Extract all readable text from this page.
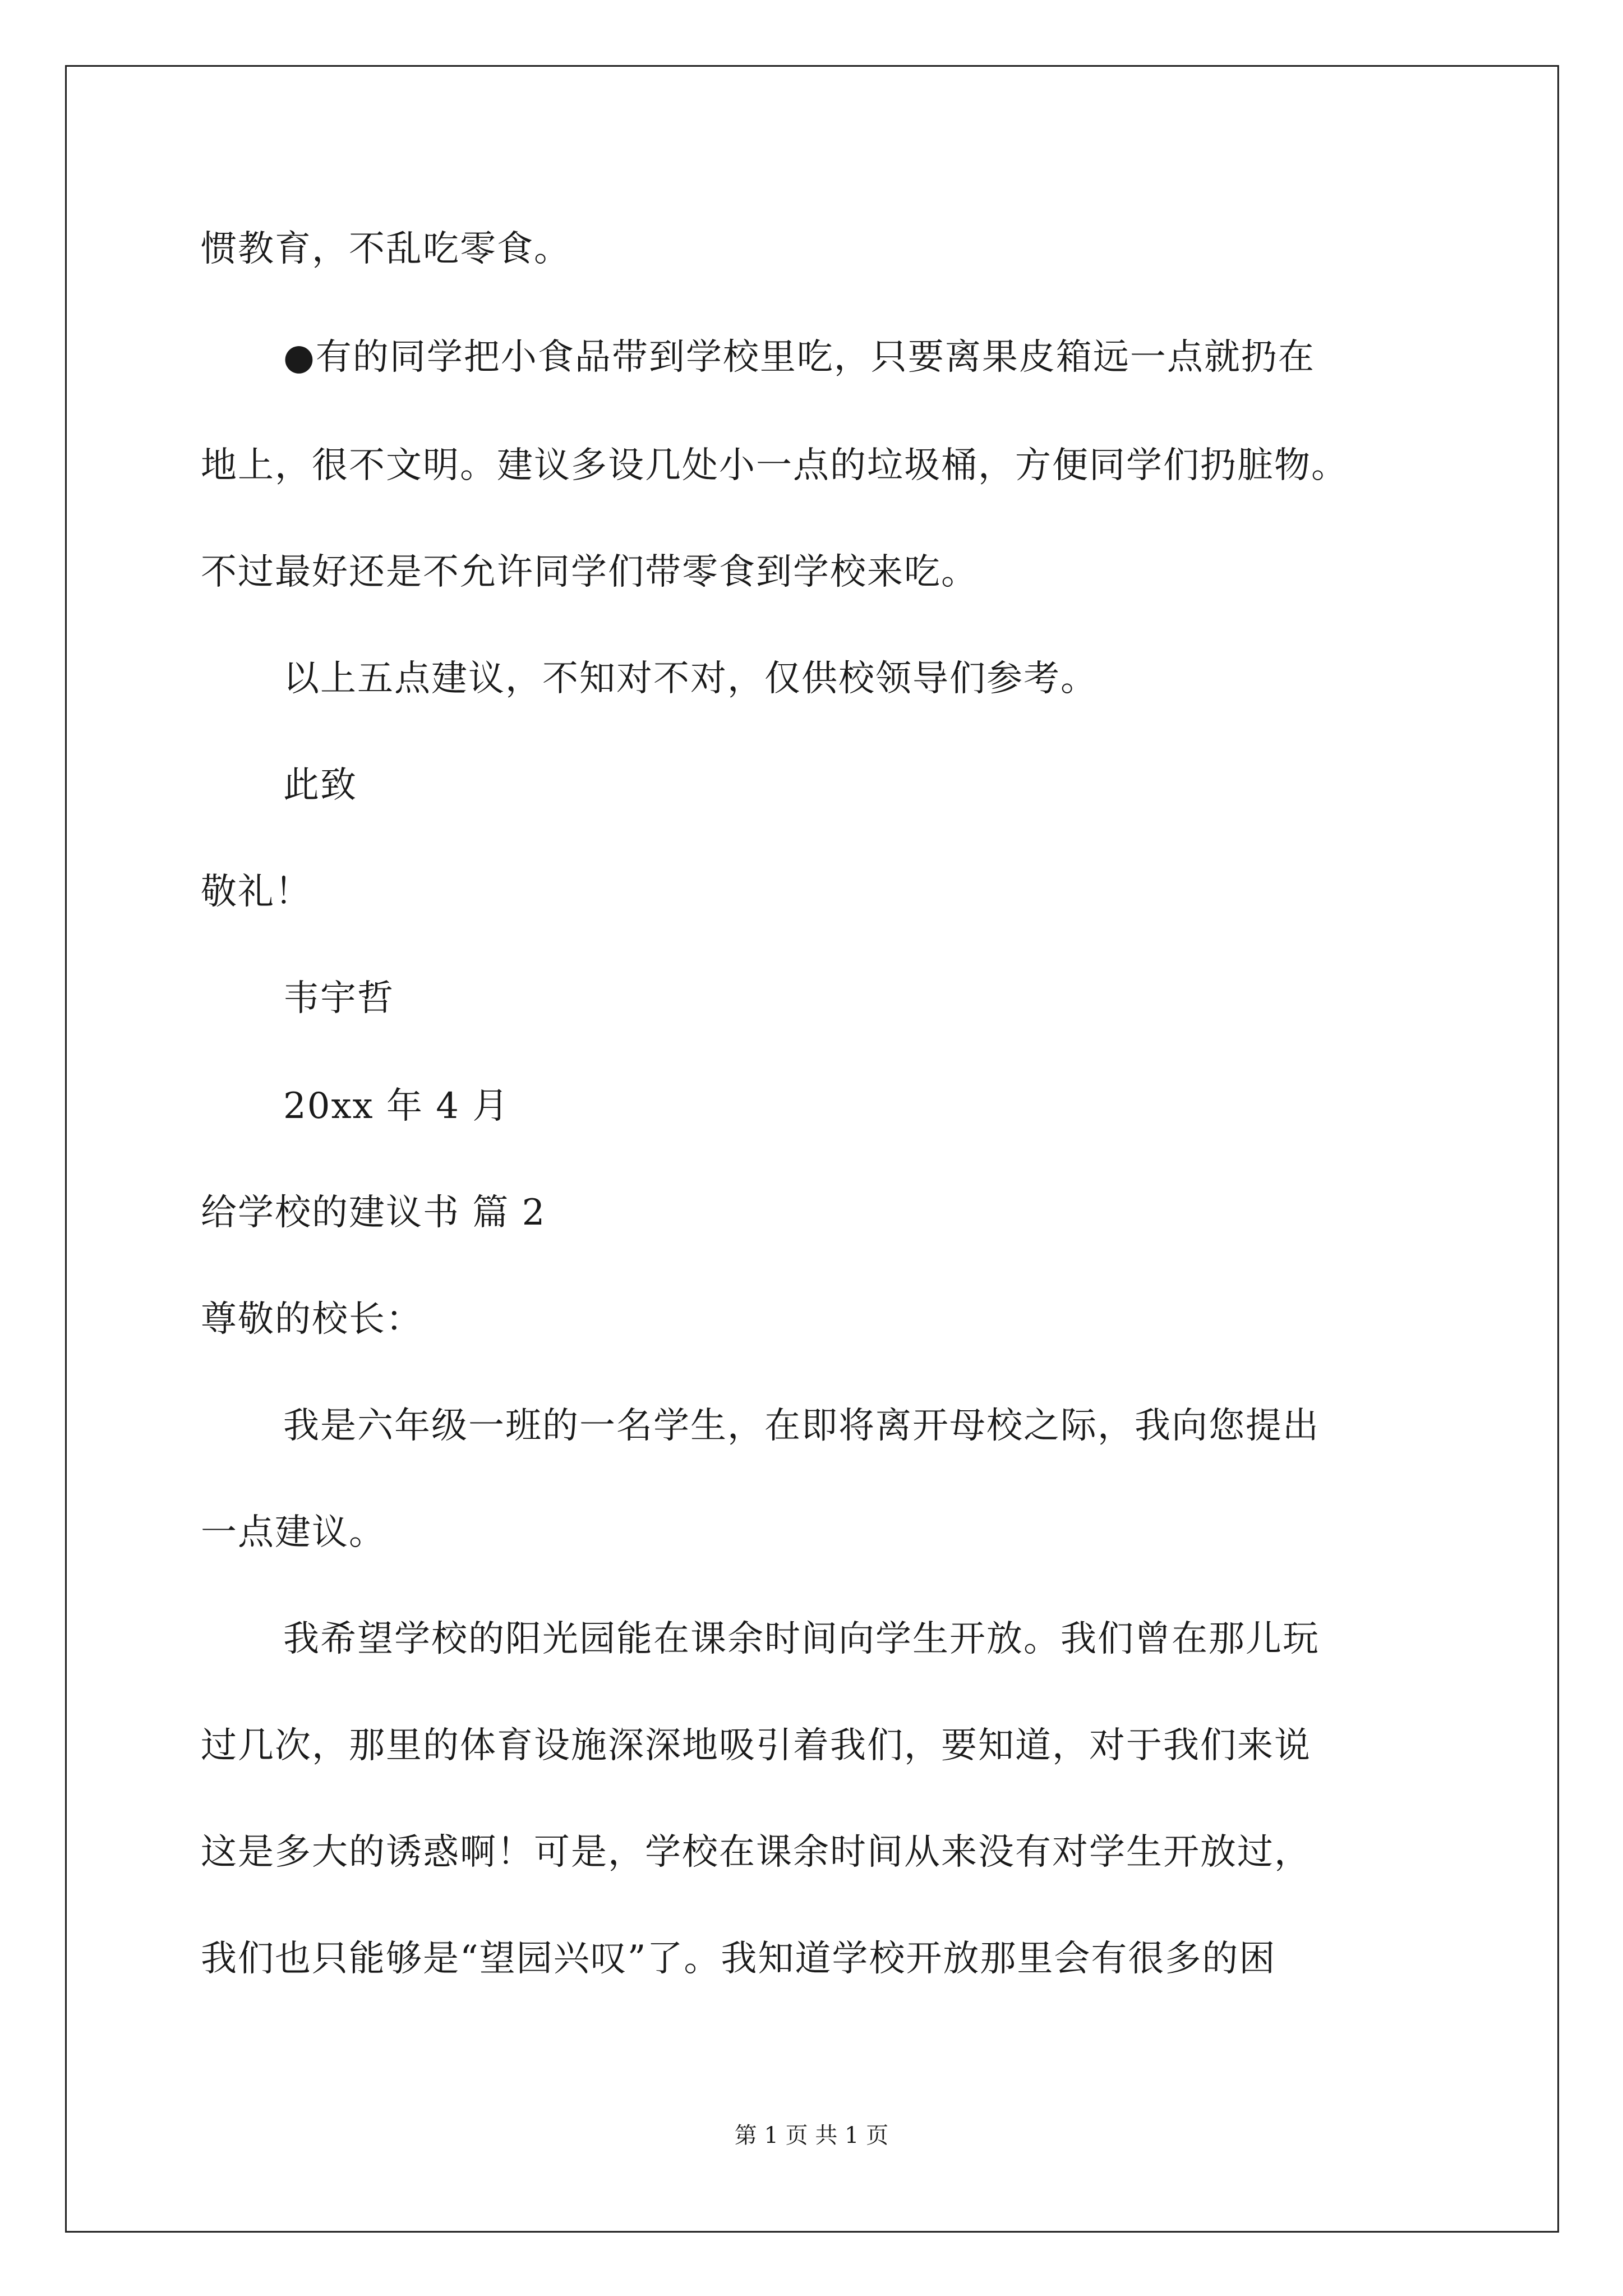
惯教育，不乱吃零食。
●有的同学把小食品带到学校里吃，只要离果皮箱远一点就扔在
地上，很不文明。建议多设几处小一点的垃圾桶，方便同学们扔脏物。
不过最好还是不允许同学们带零食到学校来吃。
以上五点建议，不知对不对，仅供校领导们参考。
此致
敬礼！
韦宇哲
20xx 年 4 月
给学校的建议书 篇 2
尊敬的校长：
我是六年级一班的一名学生，在即将离开母校之际，我向您提出
一点建议。
我希望学校的阳光园能在课余时间向学生开放。我们曾在那儿玩
过几次，那里的体育设施深深地吸引着我们，要知道，对于我们来说
这是多大的诱惑啊！可是，学校在课余时间从来没有对学生开放过，
我们也只能够是“望园兴叹”了。我知道学校开放那里会有很多的困
第 1 页 共 1 页
